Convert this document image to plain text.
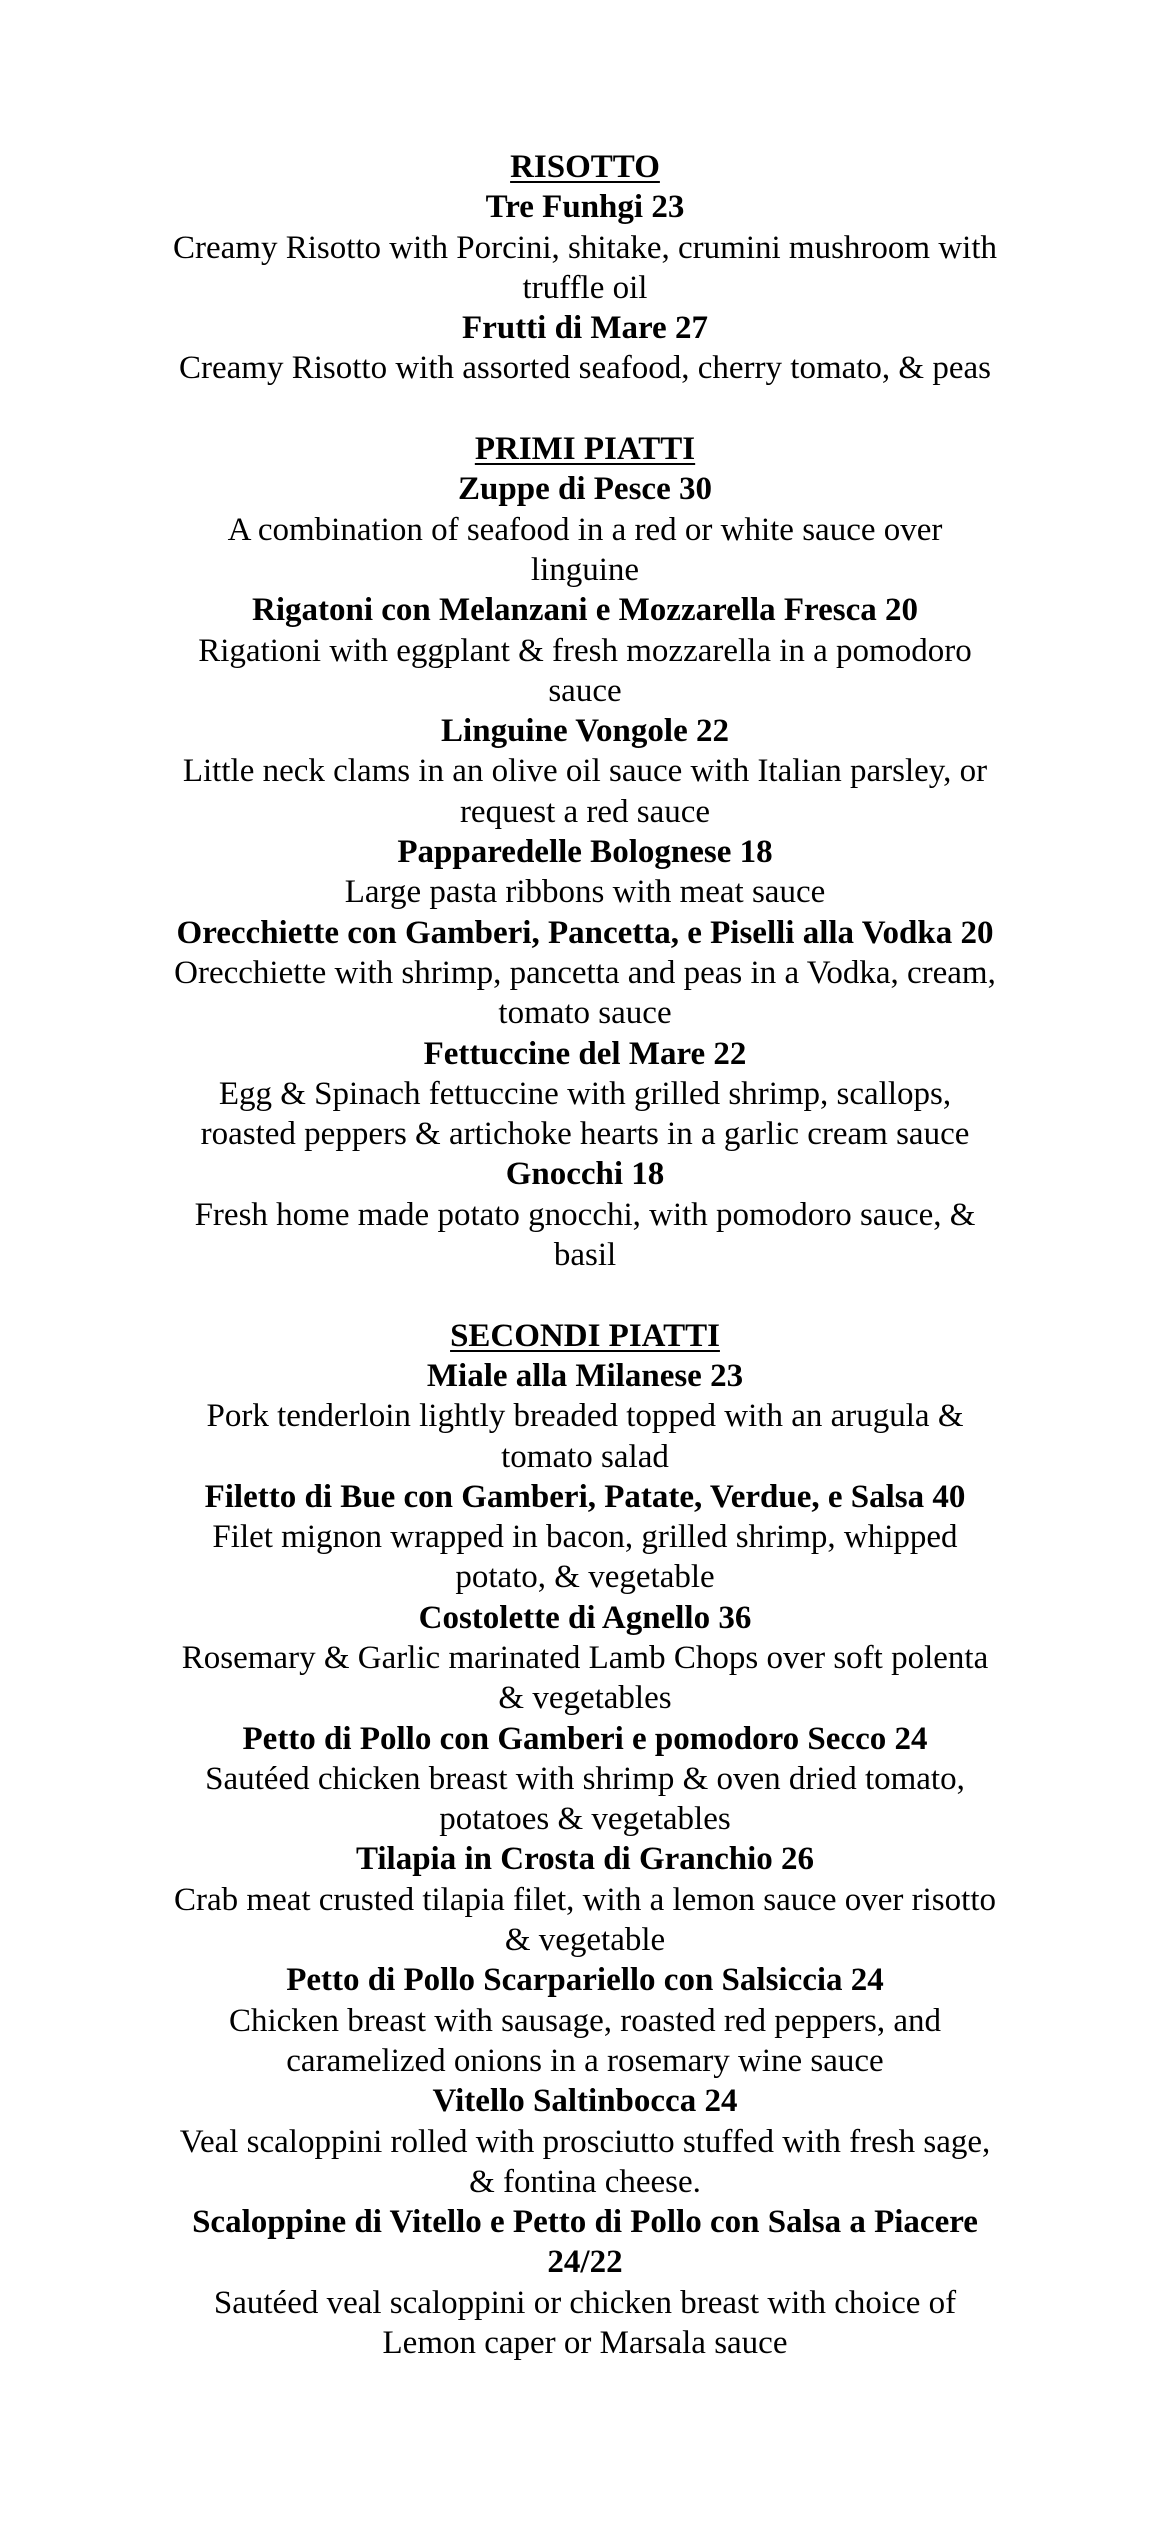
RISOTTO

Tre Funhgi 23

Creamy Risotto with Porcini, shitake, crumini mushroom with truffle oil

Frutti di Mare 27

Creamy Risotto with assorted seafood, cherry tomato, & peas

PRIMI PIATTI

Zuppe di Pesce 30

A combination of seafood in a red or white sauce over linguine

Rigatoni con Melanzani e Mozzarella Fresca 20

Rigationi with eggplant & fresh mozzarella in a pomodoro sauce

Linguine Vongole 22

Little neck clams in an olive oil sauce with Italian parsley, or request a red sauce

Papparedelle Bolognese 18

Large pasta ribbons with meat sauce

Orecchiette con Gamberi, Pancetta, e Piselli alla Vodka 20

Orecchiette with shrimp, pancetta and peas in a Vodka, cream, tomato sauce

Fettuccine del Mare 22

Egg & Spinach fettuccine with grilled shrimp, scallops, roasted peppers & artichoke hearts in a garlic cream sauce

Gnocchi 18

Fresh home made potato gnocchi, with pomodoro sauce, & basil

SECONDI PIATTI

Miale alla Milanese 23

Pork tenderloin lightly breaded topped with an arugula & tomato salad

Filetto di Bue con Gamberi, Patate, Verdue, e Salsa 40

Filet mignon wrapped in bacon, grilled shrimp, whipped potato, & vegetable

Costolette di Agnello 36

Rosemary & Garlic marinated Lamb Chops over soft polenta & vegetables

Petto di Pollo con Gamberi e pomodoro Secco 24

Sautéed chicken breast with shrimp & oven dried tomato, potatoes & vegetables

Tilapia in Crosta di Granchio 26

Crab meat crusted tilapia filet, with a lemon sauce over risotto & vegetable

Petto di Pollo Scarpariello con Salsiccia 24

Chicken breast with sausage, roasted red peppers, and caramelized onions in a rosemary wine sauce

Vitello Saltinbocca 24

Veal scaloppini rolled with prosciutto stuffed with fresh sage, & fontina cheese.

Scaloppine di Vitello e Petto di Pollo con Salsa a Piacere 24/22

Sautéed veal scaloppini or chicken breast with choice of Lemon caper or Marsala sauce
